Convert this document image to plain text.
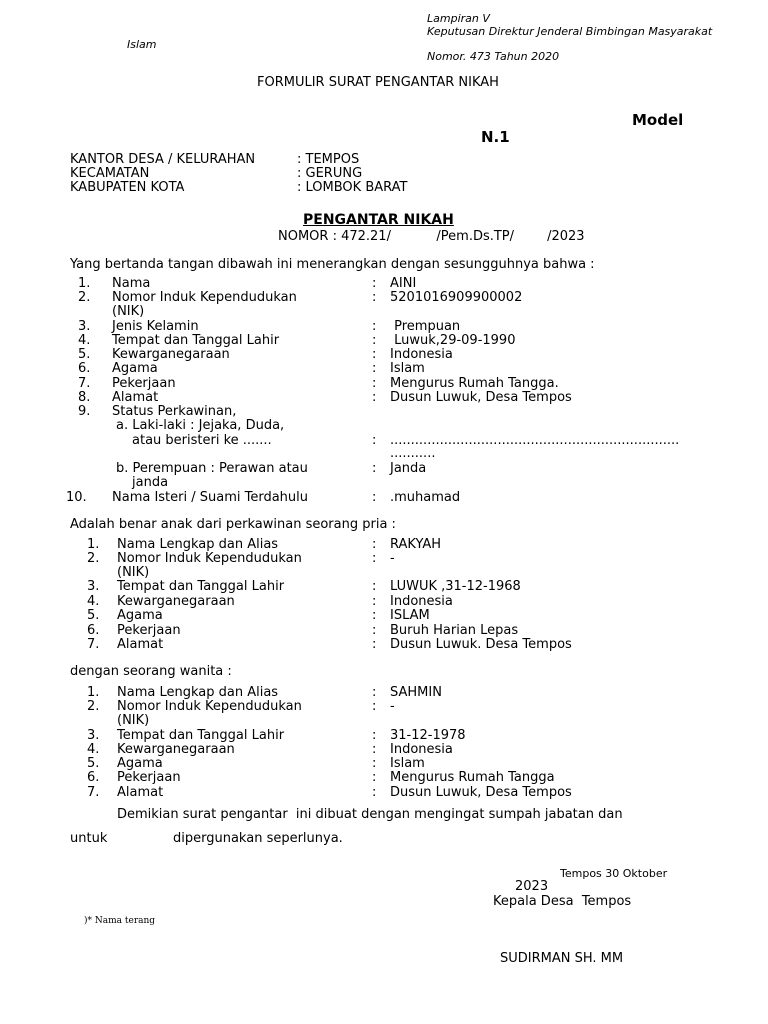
Lampiran V
Keputusan Direktur Jenderal Bimbingan Masyarakat
Islam
Nomor. 473 Tahun 2020
FORMULIR SURAT PENGANTAR NIKAH
Model
N.1
KANTOR DESA / KELURAHAN	: TEMPOS
KECAMATAN	: GERUNG
KABUPATEN KOTA	: LOMBOK BARAT
PENGANTAR NIKAH
NOMOR : 472.21/           /Pem.Ds.TP/        /2023
Yang bertanda tangan dibawah ini menerangkan dengan sesungguhnya bahwa :
1. Nama	: AINI
2. Nomor Induk Kependudukan	: 5201016909900002
(NIK)
3. Jenis Kelamin	: Prempuan
4. Tempat dan Tanggal Lahir	: Luwuk,29-09-1990
5. Kewarganegaraan	: Indonesia
6. Agama	: Islam
7. Pekerjaan	: Mengurus Rumah Tangga.
8. Alamat	: Dusun Luwuk, Desa Tempos
9. Status Perkawinan,
a. Laki-laki : Jejaka, Duda,
atau beristeri ke .......	: ......................................................................
...........
b. Perempuan : Perawan atau
janda
: Janda
10. Nama Isteri / Suami Terdahulu	: .muhamad
Adalah benar anak dari perkawinan seorang pria :
1. Nama Lengkap dan Alias	: RAKYAH
2. Nomor Induk Kependudukan	: -
(NIK)
3. Tempat dan Tanggal Lahir	: LUWUK ,31-12-1968
4. Kewarganegaraan	: Indonesia
5. Agama	: ISLAM
6. Pekerjaan	: Buruh Harian Lepas
7. Alamat	: Dusun Luwuk. Desa Tempos
dengan seorang wanita :
1. Nama Lengkap dan Alias	: SAHMIN
2. Nomor Induk Kependudukan	: -
(NIK)
3. Tempat dan Tanggal Lahir	: 31-12-1978
4. Kewarganegaraan	: Indonesia
5. Agama	: Islam
6. Pekerjaan	: Mengurus Rumah Tangga
7. Alamat	: Dusun Luwuk, Desa Tempos
Demikian surat pengantar  ini dibuat dengan mengingat sumpah jabatan dan
untuk	dipergunakan seperlunya.
Tempos 30 Oktober
2023
Kepala Desa  Tempos
)* Nama terang
SUDIRMAN SH. MM
